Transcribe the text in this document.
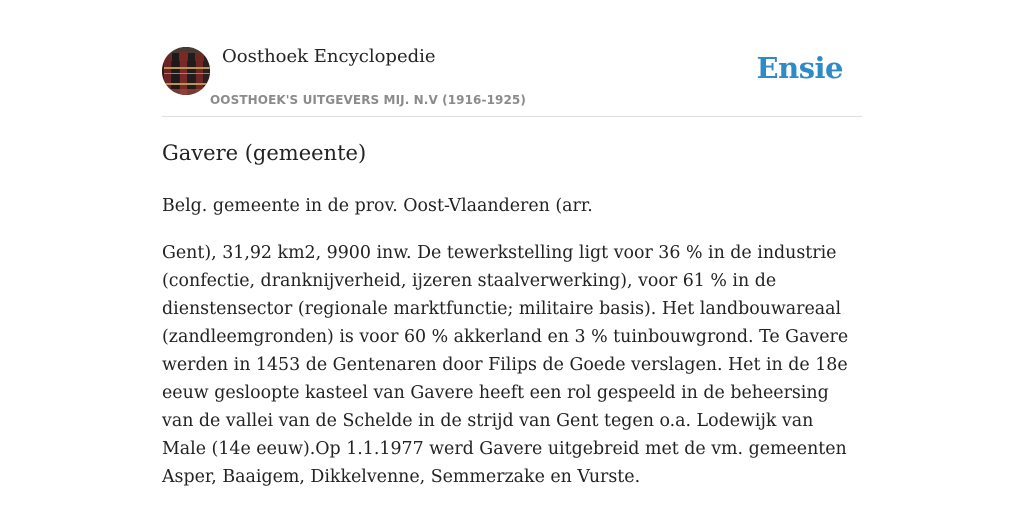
Oosthoek Encyclopedie
OOSTHOEK'S UITGEVERS MIJ. N.V (1916-1925)
Ensie
Gavere (gemeente)

Belg. gemeente in de prov. Oost-Vlaanderen (arr.

Gent), 31,92 km2, 9900 inw. De tewerkstelling ligt voor 36 % in de industrie (confectie, dranknijverheid, ijzeren staalverwerking), voor 61 % in de dienstensector (regionale marktfunctie; militaire basis). Het landbouwareaal (zandleemgronden) is voor 60 % akkerland en 3 % tuinbouwgrond. Te Gavere werden in 1453 de Gentenaren door Filips de Goede verslagen. Het in de 18e eeuw gesloopte kasteel van Gavere heeft een rol gespeeld in de beheersing van de vallei van de Schelde in de strijd van Gent tegen o.a. Lodewijk van Male (14e eeuw).Op 1.1.1977 werd Gavere uitgebreid met de vm. gemeenten Asper, Baaigem, Dikkelvenne, Semmerzake en Vurste.
